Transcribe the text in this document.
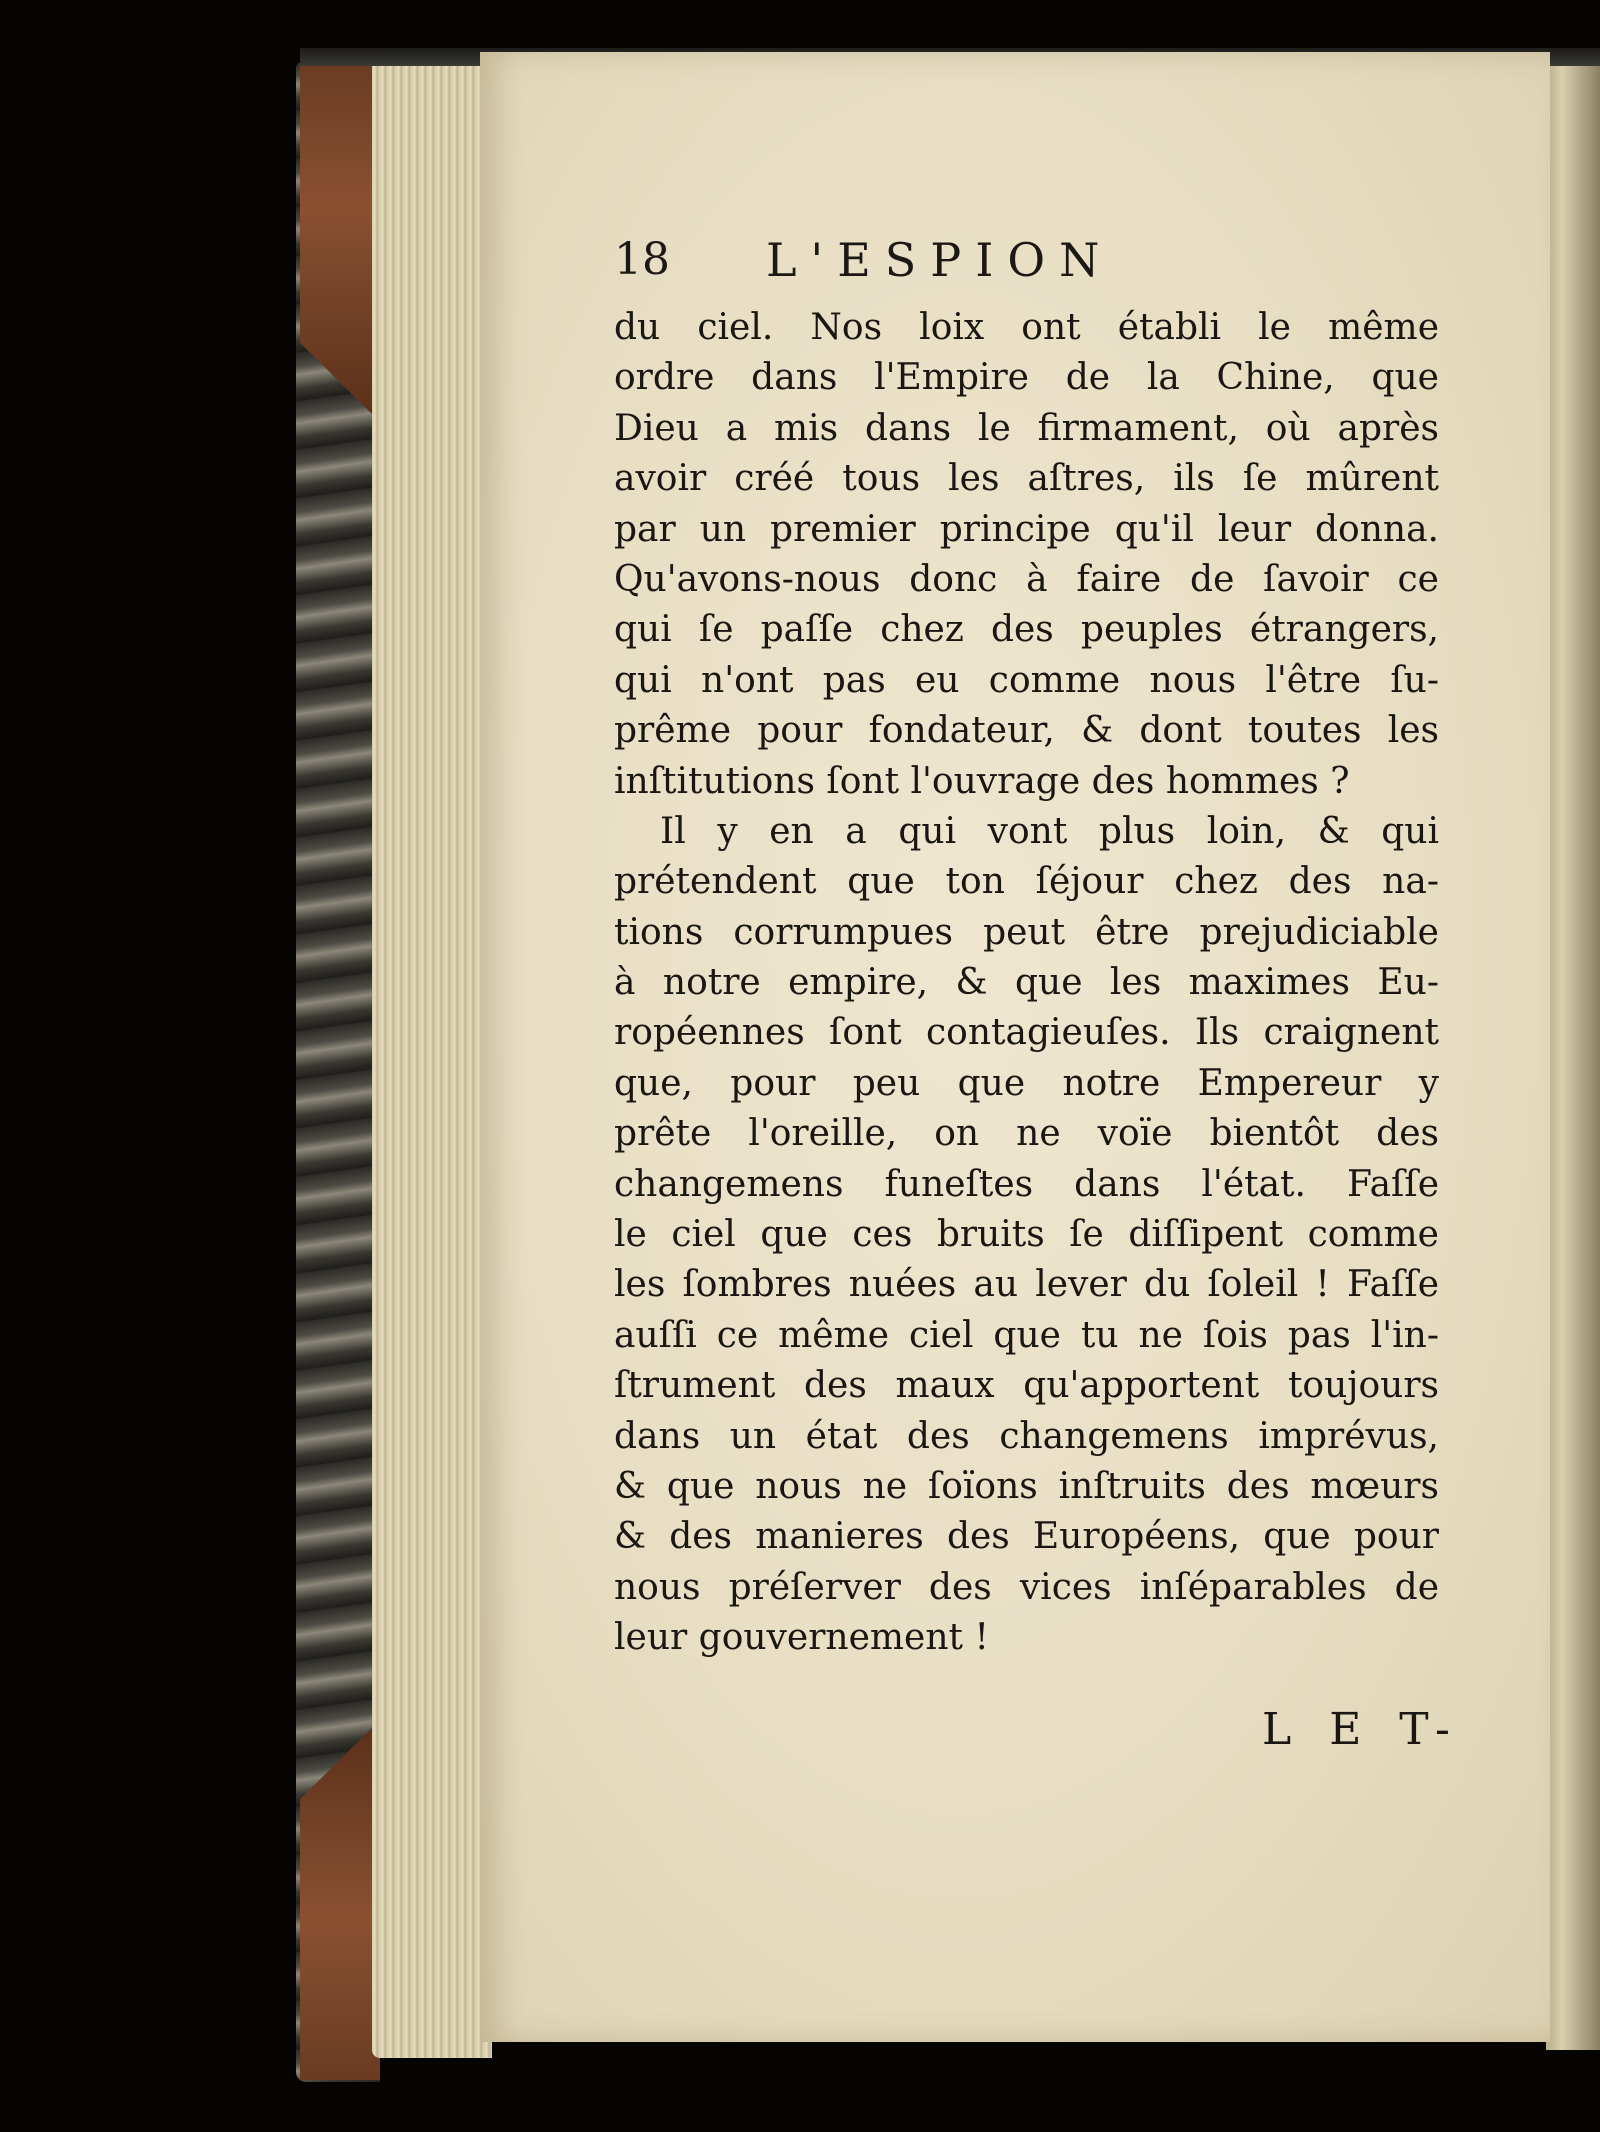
18 L'ESPION
du ciel. Nos loix ont établi le même
ordre dans l'Empire de la Chine, que
Dieu a mis dans le firmament, où après
avoir créé tous les aſtres, ils ſe mûrent
par un premier principe qu'il leur donna.
Qu'avons-nous donc à faire de ſavoir ce
qui ſe paſſe chez des peuples étrangers,
qui n'ont pas eu comme nous l'être ſu-
prême pour fondateur, & dont toutes les
inſtitutions ſont l'ouvrage des hommes ?
Il y en a qui vont plus loin, & qui
prétendent que ton ſéjour chez des na-
tions corrumpues peut être prejudiciable
à notre empire, & que les maximes Eu-
ropéennes ſont contagieuſes. Ils craignent
que, pour peu que notre Empereur y
prête l'oreille, on ne voïe bientôt des
changemens funeſtes dans l'état. Faſſe
le ciel que ces bruits ſe diſſipent comme
les ſombres nuées au lever du ſoleil ! Faſſe
auſſi ce même ciel que tu ne ſois pas l'in-
ſtrument des maux qu'apportent toujours
dans un état des changemens imprévus,
& que nous ne ſoïons inſtruits des mœurs
& des manieres des Européens, que pour
nous préſerver des vices inſéparables de
leur gouvernement !
L E T-
